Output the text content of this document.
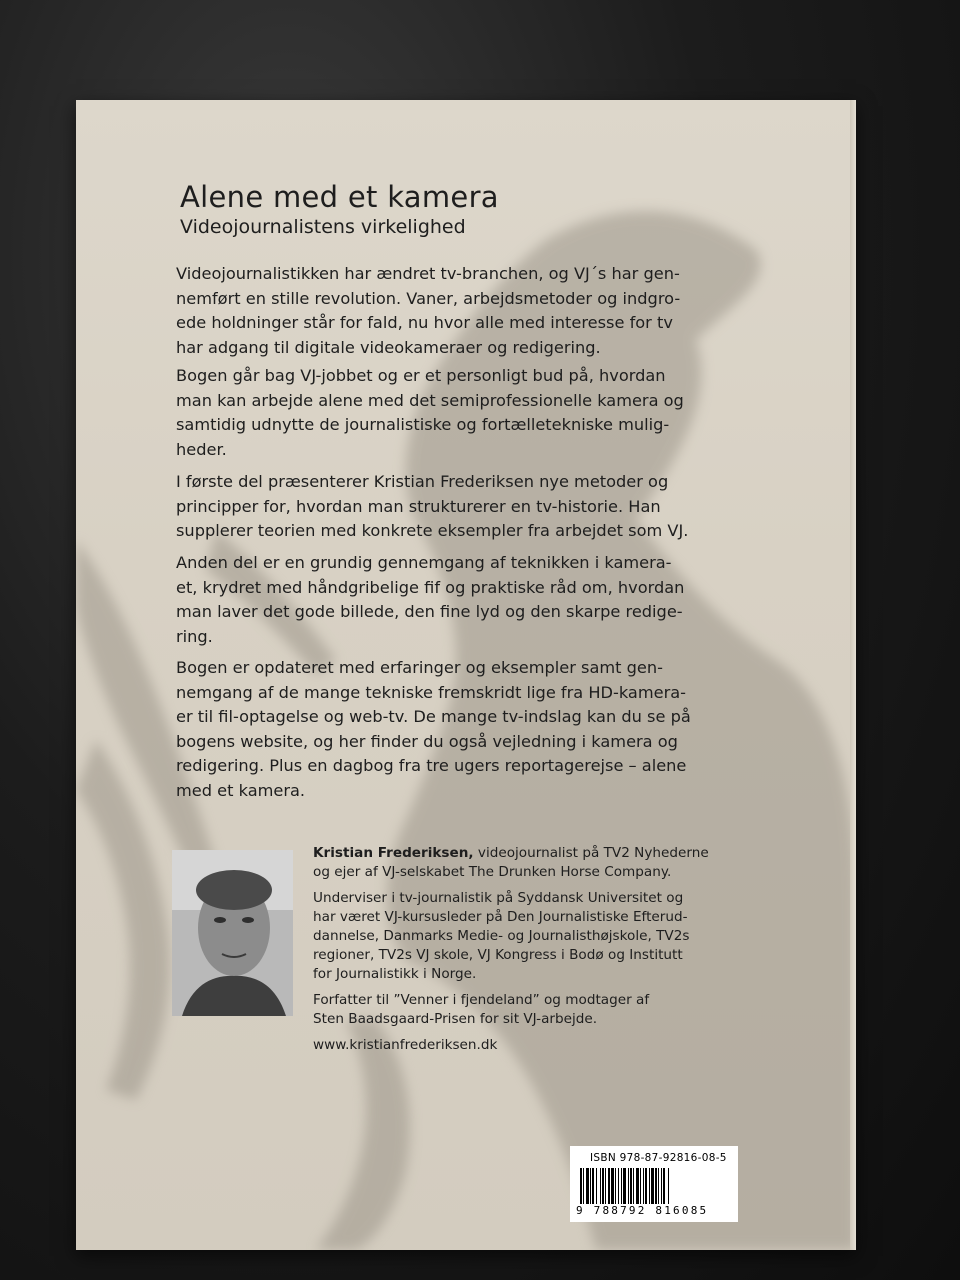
Alene med et kamera
Videojournalistens virkelighed

Videojournalistikken har ændret tv-branchen, og VJ´s har gen-
nemført en stille revolution. Vaner, arbejdsmetoder og indgro-
ede holdninger står for fald, nu hvor alle med interesse for tv
har adgang til digitale videokameraer og redigering.

Bogen går bag VJ-jobbet og er et personligt bud på, hvordan
man kan arbejde alene med det semiprofessionelle kamera og
samtidig udnytte de journalistiske og fortælletekniske mulig-
heder.

I første del præsenterer Kristian Frederiksen nye metoder og
principper for, hvordan man strukturerer en tv-historie. Han
supplerer teorien med konkrete eksempler fra arbejdet som VJ.

Anden del er en grundig gennemgang af teknikken i kamera-
et, krydret med håndgribelige fif og praktiske råd om, hvordan
man laver det gode billede, den fine lyd og den skarpe redige-
ring.

Bogen er opdateret med erfaringer og eksempler samt gen-
nemgang af de mange tekniske fremskridt lige fra HD-kamera-
er til fil-optagelse og web-tv. De mange tv-indslag kan du se på
bogens website, og her finder du også vejledning i kamera og
redigering. Plus en dagbog fra tre ugers reportagerejse – alene
med et kamera.

Kristian Frederiksen, videojournalist på TV2 Nyhederne
og ejer af VJ-selskabet The Drunken Horse Company.

Underviser i tv-journalistik på Syddansk Universitet og
har været VJ-kursusleder på Den Journalistiske Efterud-
dannelse, Danmarks Medie- og Journalisthøjskole, TV2s
regioner, TV2s VJ skole, VJ Kongress i Bodø og Institutt
for Journalistikk i Norge.

Forfatter til ”Venner i fjendeland” og modtager af
Sten Baadsgaard-Prisen for sit VJ-arbejde.

www.kristianfrederiksen.dk

ISBN 978-87-92816-08-5
9 788792 816085
